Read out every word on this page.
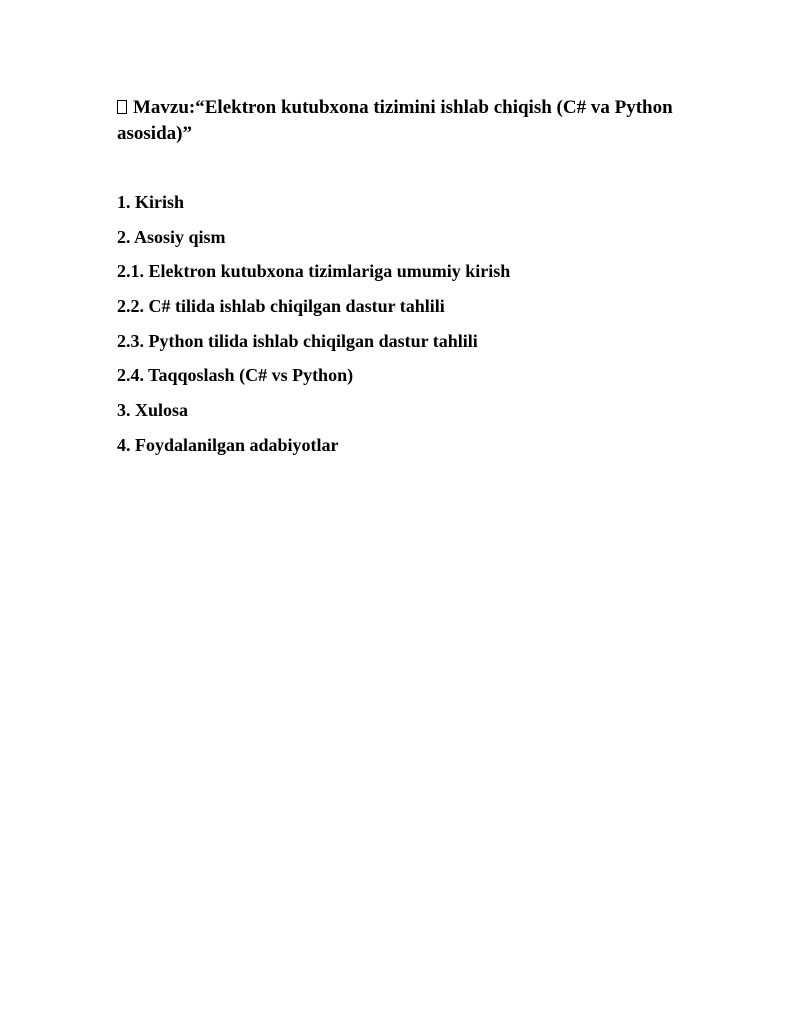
Mavzu:“Elektron kutubxona tizimini ishlab chiqish (C# va Python asosida)”
1. Kirish
2. Asosiy qism
2.1. Elektron kutubxona tizimlariga umumiy kirish
2.2. C# tilida ishlab chiqilgan dastur tahlili
2.3. Python tilida ishlab chiqilgan dastur tahlili
2.4. Taqqoslash (C# vs Python)
3. Xulosa
4. Foydalanilgan adabiyotlar
